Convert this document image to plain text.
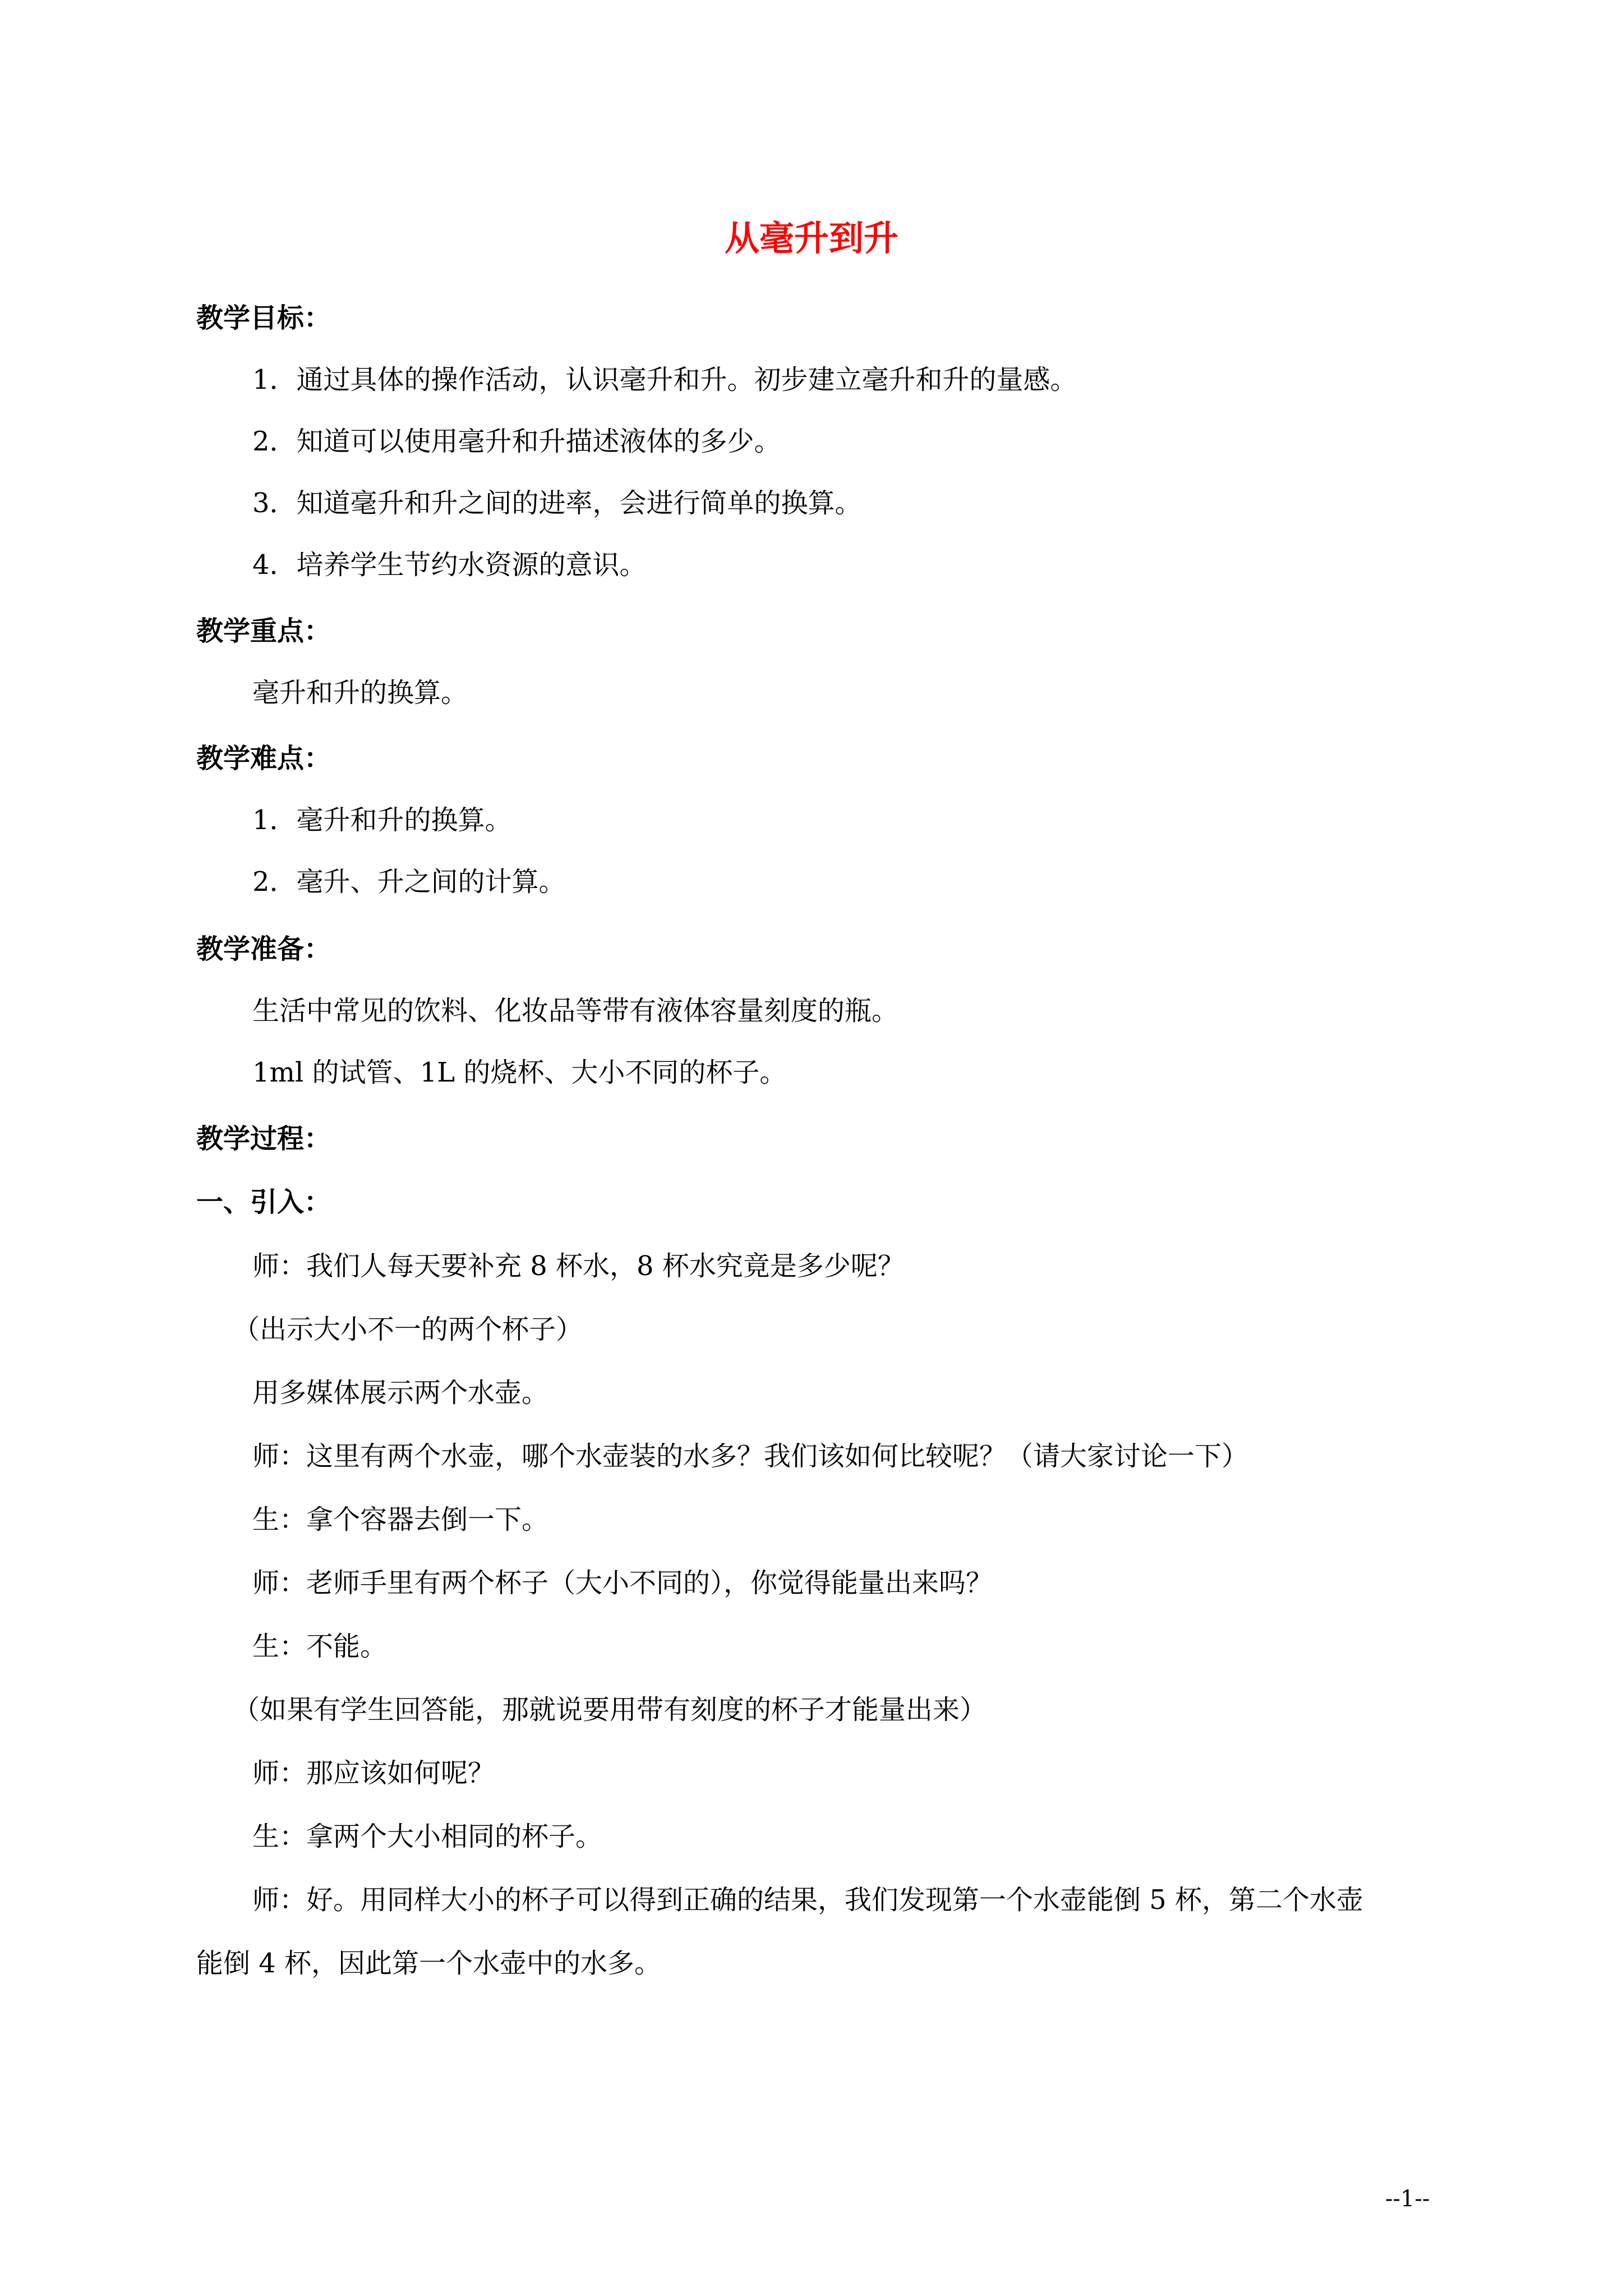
从毫升到升
教学目标：
1．通过具体的操作活动，认识毫升和升。初步建立毫升和升的量感。
2．知道可以使用毫升和升描述液体的多少。
3．知道毫升和升之间的进率，会进行简单的换算。
4．培养学生节约水资源的意识。
教学重点：
毫升和升的换算。
教学难点：
1．毫升和升的换算。
2．毫升、升之间的计算。
教学准备：
生活中常见的饮料、化妆品等带有液体容量刻度的瓶。
1ml 的试管、1L 的烧杯、大小不同的杯子。
教学过程：
一、引入：
师：我们人每天要补充 8 杯水，8 杯水究竟是多少呢？
（出示大小不一的两个杯子）
用多媒体展示两个水壶。
师：这里有两个水壶，哪个水壶装的水多？我们该如何比较呢？（请大家讨论一下）
生：拿个容器去倒一下。
师：老师手里有两个杯子（大小不同的），你觉得能量出来吗？
生：不能。
（如果有学生回答能，那就说要用带有刻度的杯子才能量出来）
师：那应该如何呢？
生：拿两个大小相同的杯子。
师：好。用同样大小的杯子可以得到正确的结果，我们发现第一个水壶能倒 5 杯，第二个水壶
能倒 4 杯，因此第一个水壶中的水多。
--1--
